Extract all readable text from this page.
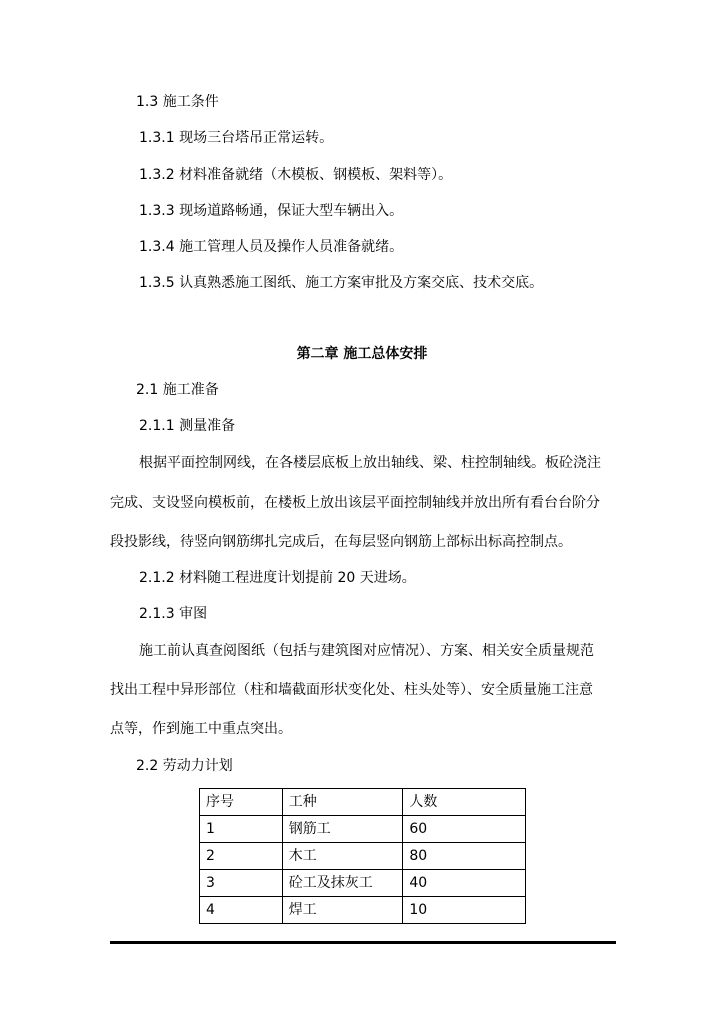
1.3 施工条件
1.3.1 现场三台塔吊正常运转。
1.3.2 材料准备就绪（木模板、钢模板、架料等）。
1.3.3 现场道路畅通，保证大型车辆出入。
1.3.4 施工管理人员及操作人员准备就绪。
1.3.5 认真熟悉施工图纸、施工方案审批及方案交底、技术交底。
第二章 施工总体安排
2.1 施工准备
2.1.1 测量准备
根据平面控制网线，在各楼层底板上放出轴线、梁、柱控制轴线。板砼浇注
完成、支设竖向模板前，在楼板上放出该层平面控制轴线并放出所有看台台阶分
段投影线，待竖向钢筋绑扎完成后，在每层竖向钢筋上部标出标高控制点。
2.1.2 材料随工程进度计划提前 20 天进场。
2.1.3 审图
施工前认真查阅图纸（包括与建筑图对应情况）、方案、相关安全质量规范
找出工程中异形部位（柱和墙截面形状变化处、柱头处等）、安全质量施工注意
点等，作到施工中重点突出。
2.2 劳动力计划
序号	工种	人数
1	钢筋工	60
2	木工	80
3	砼工及抹灰工	40
4	焊工	10
